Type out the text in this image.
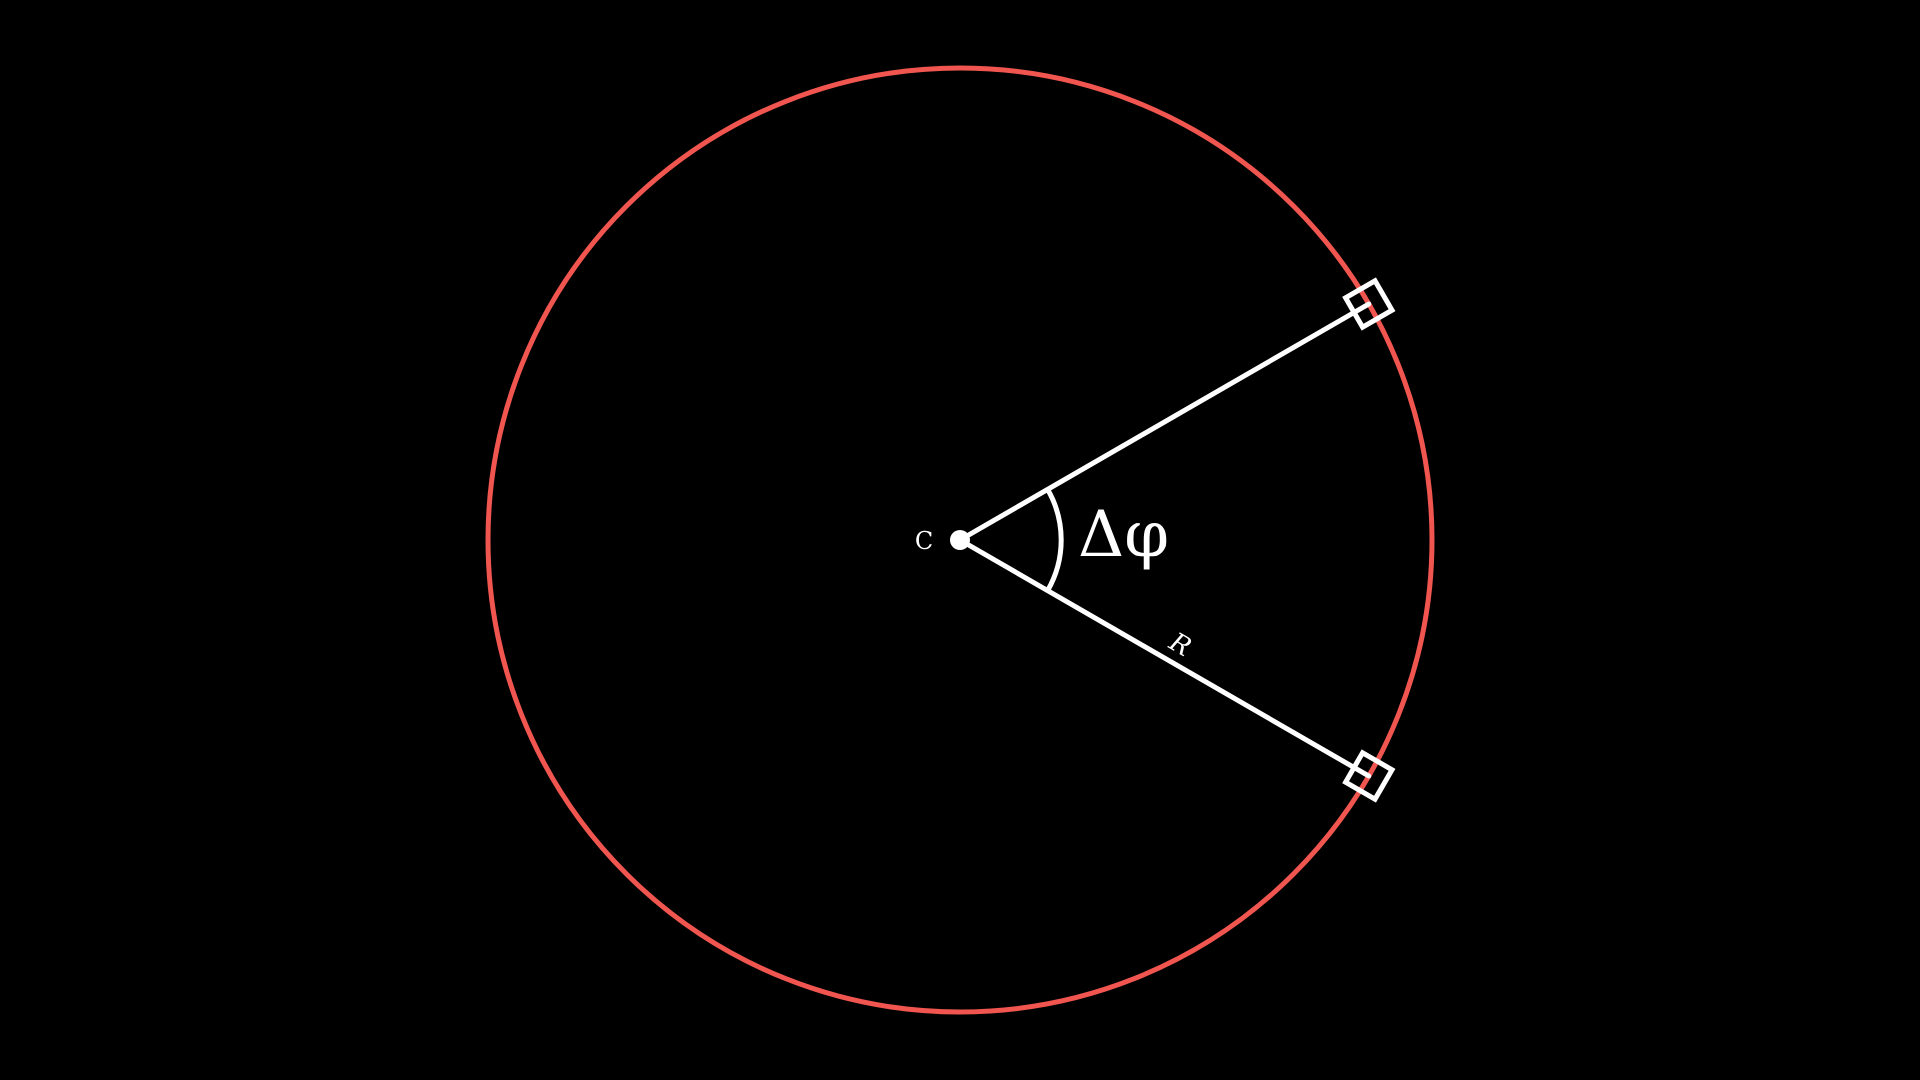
C Δφ
R
